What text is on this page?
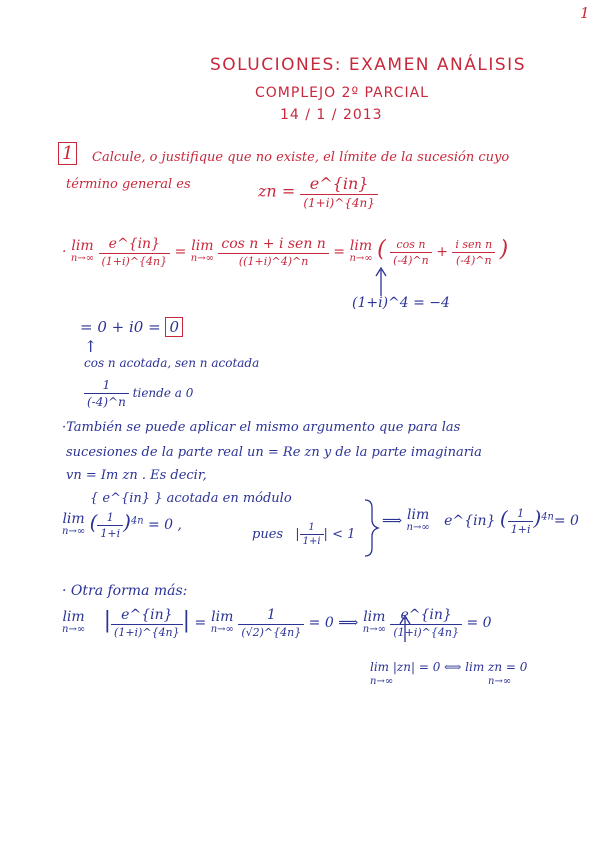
1
SOLUCIONES: EXAMEN ANÁLISIS
COMPLEJO 2º PARCIAL
14 / 1 / 2013
1	Calcule, o justifique que no existe, el límite de la sucesión cuyo
término general es	zn = $\frac{e\^{}\{in\}}{(1+i)\^{}\{4n\}}$
· lim
n→∞
$\frac{e\^{}\{in\}}{(1+i)\^{}\{4n\}} = \lim$
n→∞
$\frac{\text{cos n + i sen n}}{((1+i)\^{}4)\^{}n} = \lim$
n→∞ ( $\frac{\text{cos n}}{(-4)\^{}n} + \frac{\text{i sen n}}{(-4)\^{}n}$ )
(1+i)^4 = −4
= 0 + i0 = 0
↑
cos n acotada, sen n acotada
$\frac{1}{(-4)\^{}n}$ tiende a 0
·También se puede aplicar el mismo argumento que para las
sucesiones de la parte real un = Re zn y de la parte imaginaria
vn = Im zn . Es decir,
{ e^{in} } acotada en módulo
lim
n→∞ ( $\frac{1}{1+i} )^{4n} = 0$ ,
pues | $\frac{1}{1+i}$ | < 1
⟹ lim
n→∞ e^{in} ( $\frac{1}{1+i} )^{4n}= 0$
· Otra forma más:
lim
n→∞ | $\frac{e\^{}\{in\}}{(1+i)\^{}\{4n\}}$ | = lim
n→∞
$\frac{1}{(√2)\^{}\{4n\}} = 0$ ⟹ lim
n→∞
$\frac{e\^{}\{in\}}{(1+i)\^{}\{4n\}} = 0$
lim |zn| = 0 ⟺ lim zn = 0
n→∞	n→∞
